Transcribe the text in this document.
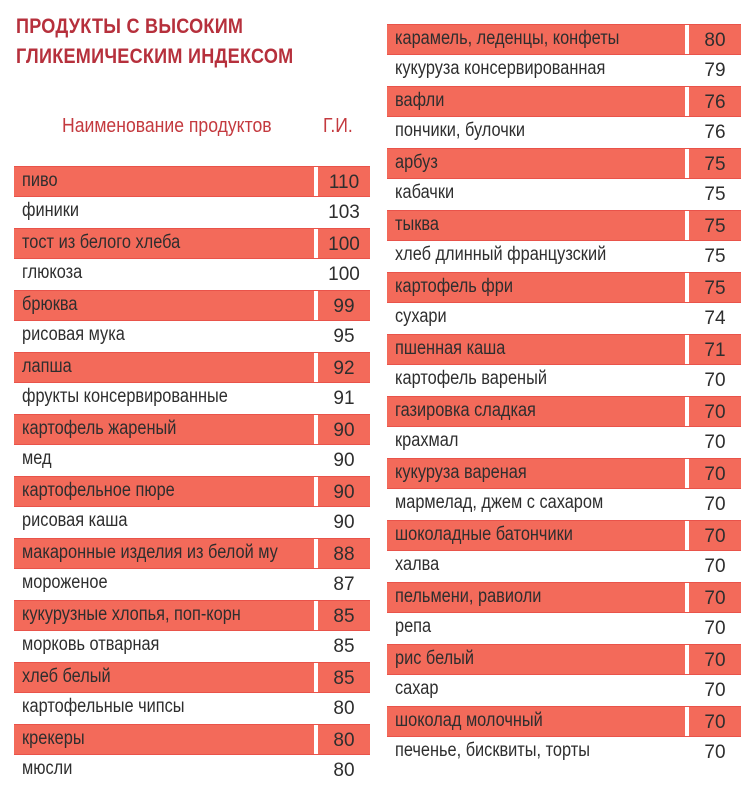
ПРОДУКТЫ С ВЫСОКИМ
ГЛИКЕМИЧЕСКИМ ИНДЕКСОМ
Наименование продуктов	Г.И.
пиво	110
финики	103
тост из белого хлеба	100
глюкоза	100
брюква	99
рисовая мука	95
лапша	92
фрукты консервированные	91
картофель жареный	90
мед	90
картофельное пюре	90
рисовая каша	90
макаронные изделия из белой му	88
мороженое	87
кукурузные хлопья, поп-корн	85
морковь отварная	85
хлеб белый	85
картофельные чипсы	80
крекеры	80
мюсли	80
карамель, леденцы, конфеты	80
кукуруза консервированная	79
вафли	76
пончики, булочки	76
арбуз	75
кабачки	75
тыква	75
хлеб длинный французский	75
картофель фри	75
сухари	74
пшенная каша	71
картофель вареный	70
газировка сладкая	70
крахмал	70
кукуруза вареная	70
мармелад, джем с сахаром	70
шоколадные батончики	70
халва	70
пельмени, равиоли	70
репа	70
рис белый	70
сахар	70
шоколад молочный	70
печенье, бисквиты, торты	70
